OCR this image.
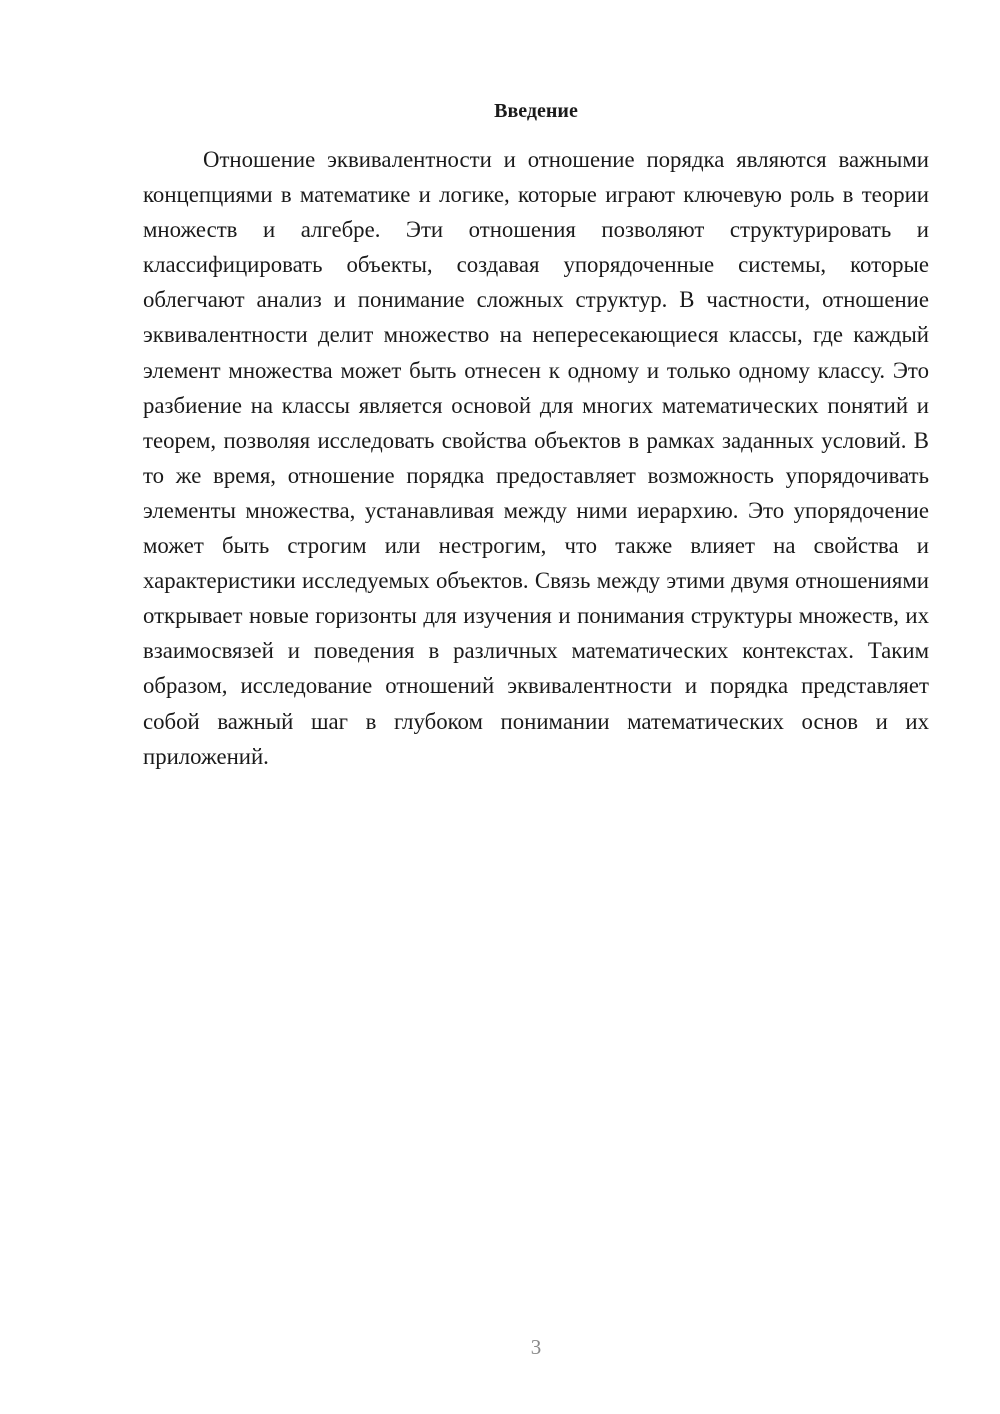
Введение

Отношение эквивалентности и отношение порядка являются важными концепциями в математике и логике, которые играют ключевую роль в теории множеств и алгебре. Эти отношения позволяют структурировать и классифицировать объекты, создавая упорядоченные системы, которые облегчают анализ и понимание сложных структур. В частности, отношение эквивалентности делит множество на непересекающиеся классы, где каждый элемент множества может быть отнесен к одному и только одному классу. Это разбиение на классы является основой для многих математических понятий и теорем, позволяя исследовать свойства объектов в рамках заданных условий. В то же время, отношение порядка предоставляет возможность упорядочивать элементы множества, устанавливая между ними иерархию. Это упорядочение может быть строгим или нестрогим, что также влияет на свойства и характеристики исследуемых объектов. Связь между этими двумя отношениями открывает новые горизонты для изучения и понимания структуры множеств, их взаимосвязей и поведения в различных математических контекстах. Таким образом, исследование отношений эквивалентности и порядка представляет собой важный шаг в глубоком понимании математических основ и их приложений.

3
